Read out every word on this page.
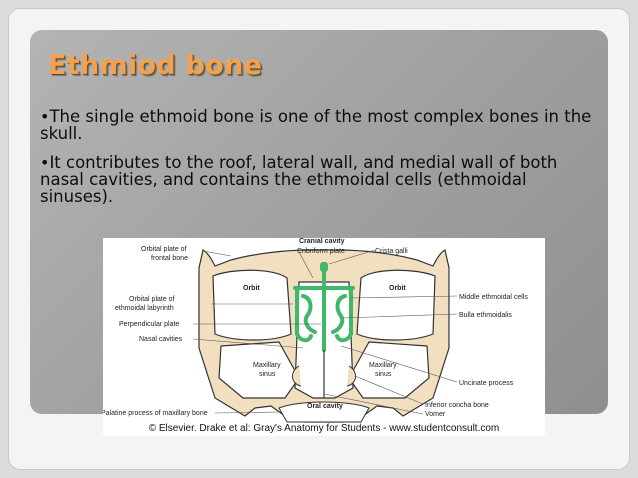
Ethmiod bone

•The single ethmoid bone is one of the most complex bones in the skull.

•It contributes to the roof, lateral wall, and medial wall of both nasal cavities, and contains the ethmoidal cells (ethmoidal sinuses).

Cranial cavity
Cribriform plate	Crista galli
Orbital plate of
frontal bone
Orbit	Orbit
Orbital plate of
ethmoidal labyrinth
Perpendicular plate
Nasal cavities
Middle ethmoidal cells
Bulla ethmoidalis
Maxillary
sinus
Maxillary
sinus
Uncinate process
Oral cavity	Inferior concha bone
Vomer
Palatine process of maxillary bone
© Elsevier. Drake et al: Gray's Anatomy for Students - www.studentconsult.com
